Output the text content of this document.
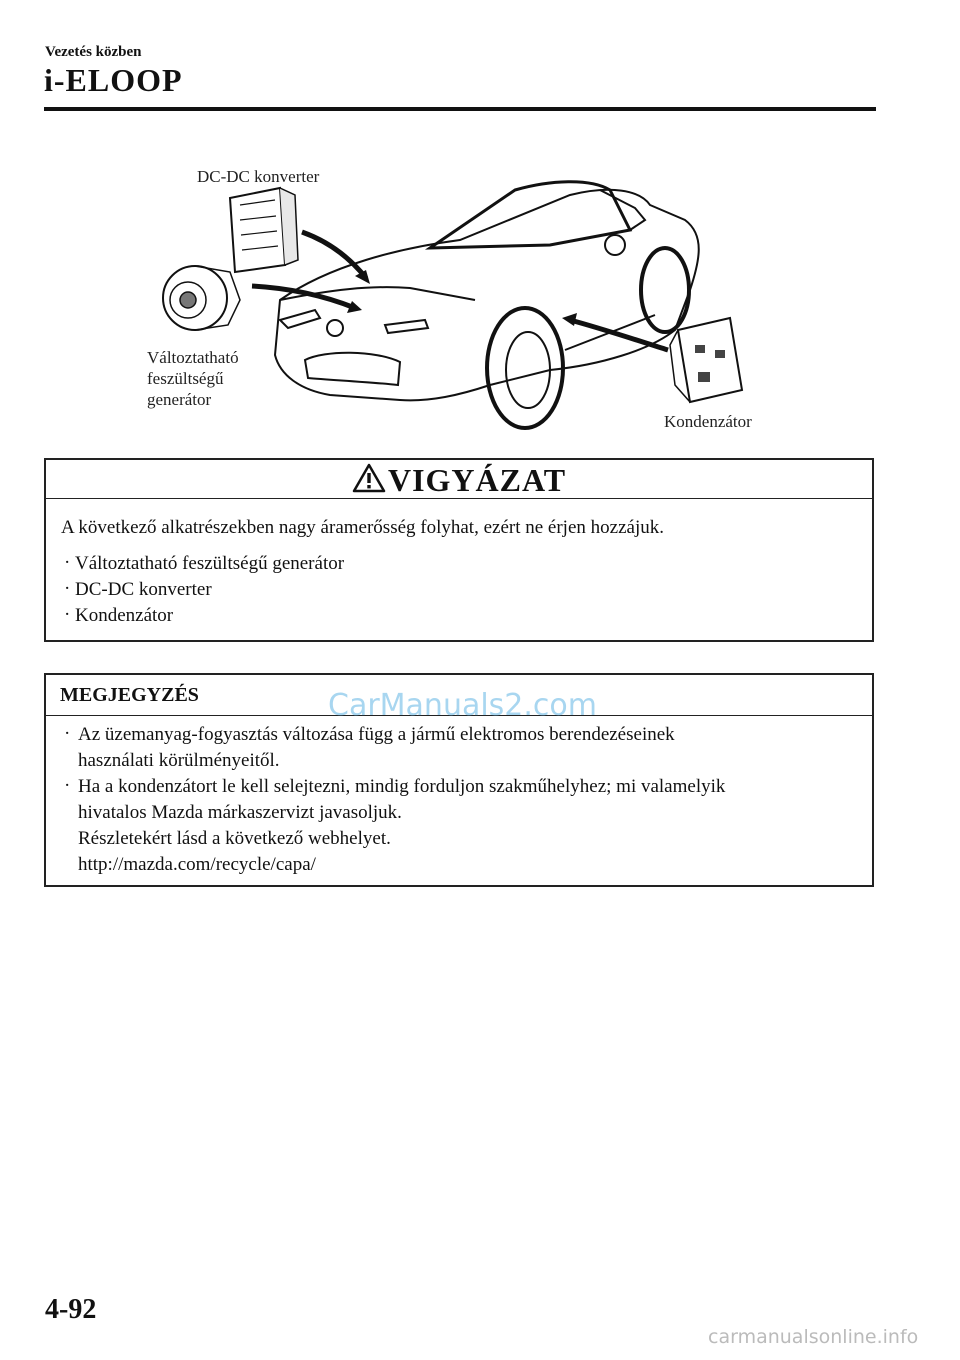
Vezetés közben
i-ELOOP
DC-DC konverter
Változtatható
feszültségű
generátor
Kondenzátor
VIGYÁZAT
A következő alkatrészekben nagy áramerősség folyhat, ezért ne érjen hozzájuk.
· Változtatható feszültségű generátor
· DC-DC konverter
· Kondenzátor
MEGJEGYZÉS

· Az üzemanyag-fogyasztás változása függ a jármű elektromos berendezéseinek

használati körülményeitől.

· Ha a kondenzátort le kell selejtezni, mindig forduljon szakműhelyhez; mi valamelyik

hivatalos Mazda márkaszervizt javasoljuk.

Részletekért lásd a következő webhelyet.

http://mazda.com/recycle/capa/

CarManuals2.com
4-92
carmanualsonline.info
